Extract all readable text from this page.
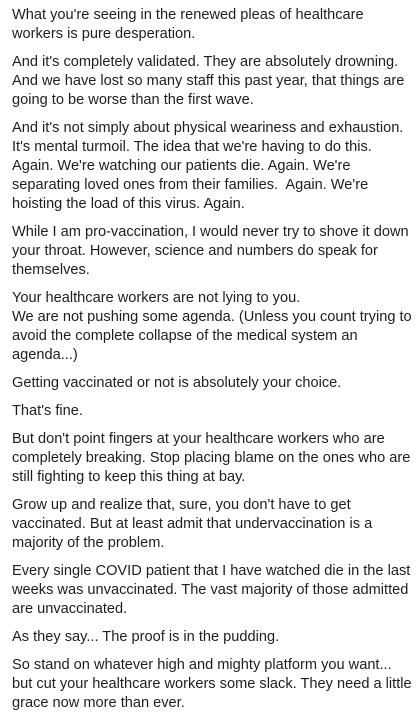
What you're seeing in the renewed pleas of healthcare workers is pure desperation.

And it's completely validated. They are absolutely drowning. And we have lost so many staff this past year, that things are going to be worse than the first wave.

And it's not simply about physical weariness and exhaustion. It's mental turmoil. The idea that we're having to do this. Again. We're watching our patients die. Again. We're separating loved ones from their families.  Again. We're hoisting the load of this virus. Again.

While I am pro-vaccination, I would never try to shove it down your throat. However, science and numbers do speak for themselves.

Your healthcare workers are not lying to you.
We are not pushing some agenda. (Unless you count trying to avoid the complete collapse of the medical system an agenda...)

Getting vaccinated or not is absolutely your choice.

That's fine.

But don't point fingers at your healthcare workers who are completely breaking. Stop placing blame on the ones who are still fighting to keep this thing at bay.

Grow up and realize that, sure, you don't have to get vaccinated. But at least admit that undervaccination is a majority of the problem.

Every single COVID patient that I have watched die in the last weeks was unvaccinated. The vast majority of those admitted are unvaccinated.

As they say... The proof is in the pudding.

So stand on whatever high and mighty platform you want... but cut your healthcare workers some slack. They need a little grace now more than ever.
